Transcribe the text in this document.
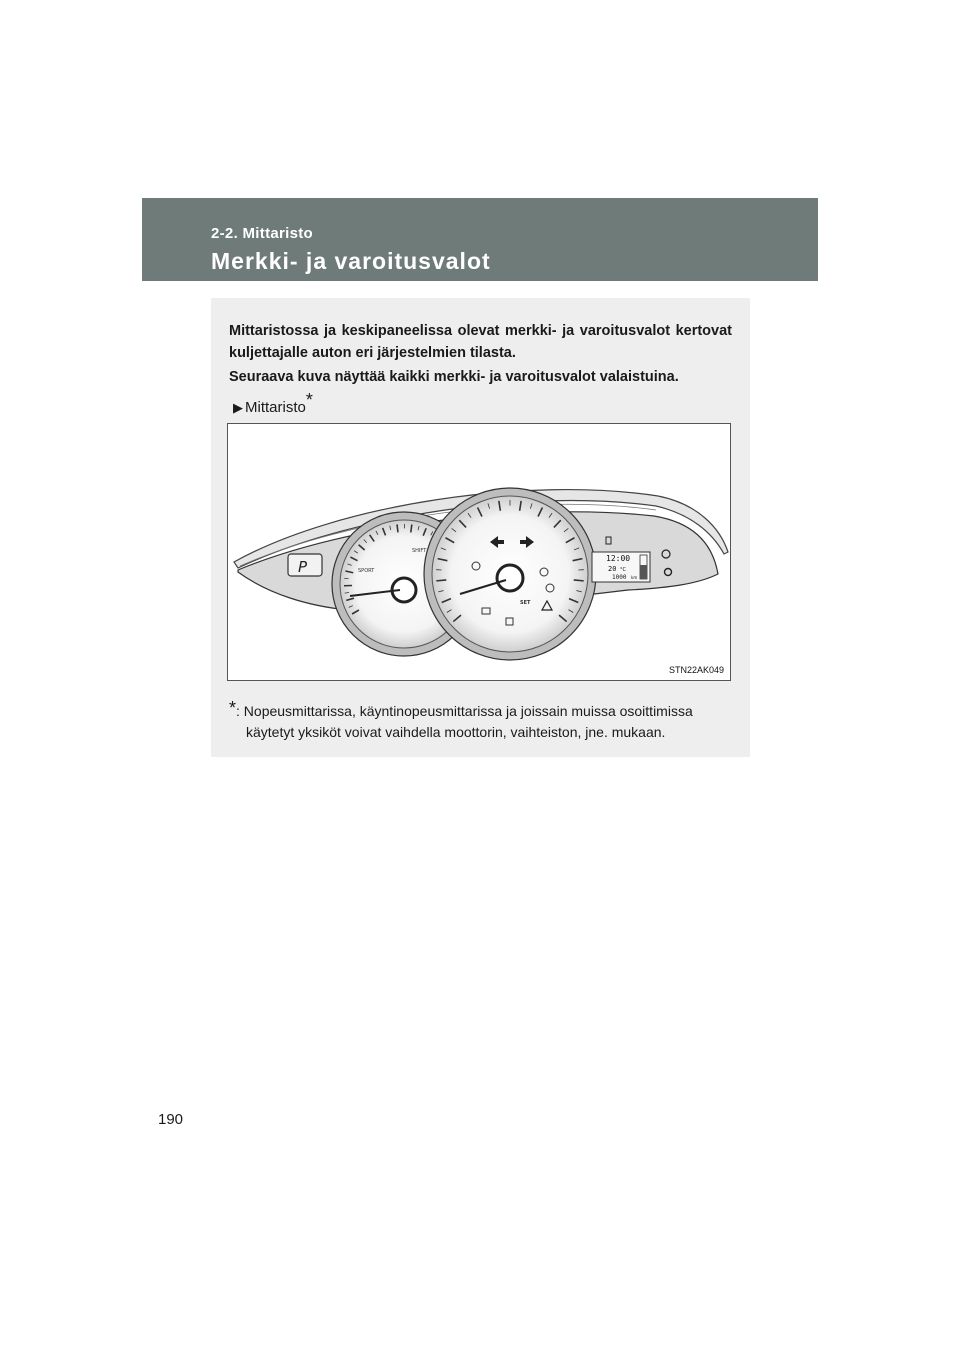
2-2. Mittaristo
Merkki- ja varoitusvalot

Mittaristossa ja keskipaneelissa olevat merkki- ja varoitusvalot kertovat kuljettajalle auton eri järjestelmien tilasta.

Seuraava kuva näyttää kaikki merkki- ja varoitusvalot valaistuina.

▶ Mittaristo*
P	SPORT
SHIFT
SET
12:00
20 °C
1000 km
STN22AK049
*: Nopeusmittarissa, käyntinopeusmittarissa ja joissain muissa osoittimissa
käytetyt yksiköt voivat vaihdella moottorin, vaihteiston, jne. mukaan.
190
